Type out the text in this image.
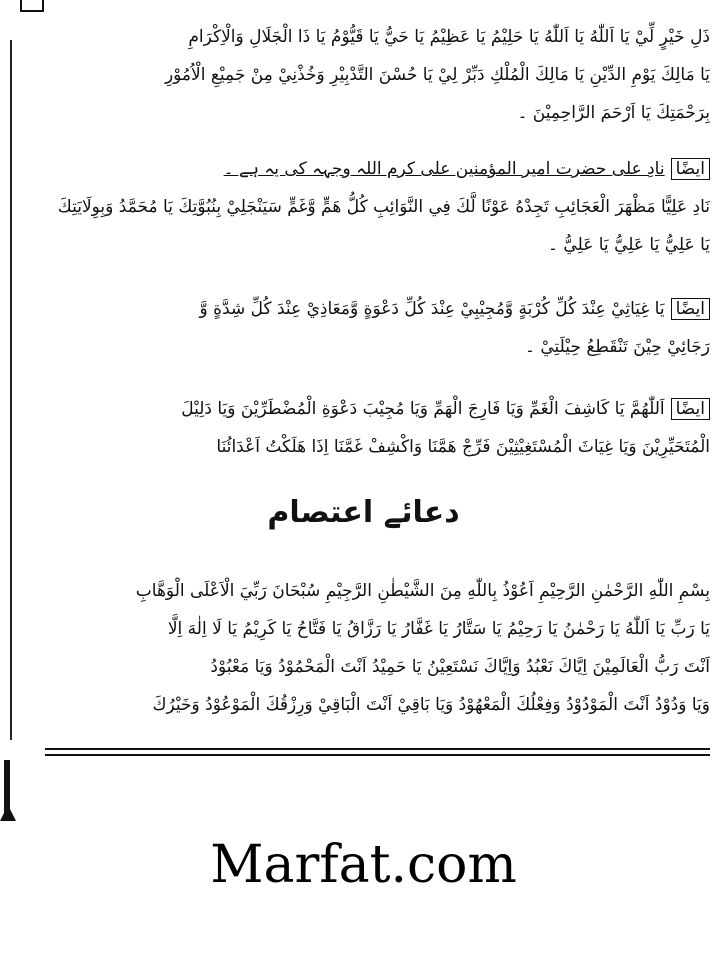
ذَلِ خَيْرٍ لِّيْ يَا اَللّٰهُ يَا اَللّٰهُ يَا حَلِيْمُ يَا عَظِيْمُ يَا حَيُّ يَا قَيُّوْمُ يَا ذَا الْجَلَالِ وَالْاِكْرَامِ
يَا مَالِكَ يَوْمِ الدِّيْنِ يَا مَالِكَ الْمُلْكِ دَبِّرْ لِيْ يَا حُسْنَ التَّدْبِيْرِ وَخُذْنِيْ مِنْ جَمِيْعِ الْاُمُوْرِ
بِرَحْمَتِكَ يَا اَرْحَمَ الرَّاحِمِيْنَ ۔
ایضًانادِ علی حضرت امیر المؤمنین علی کرم اللہ وجہہ کی یہ ہے ۔
نَادِ عَلِيًّا مَظْهَرَ الْعَجَائِبِ تَجِدْهُ عَوْنًا لَّكَ فِي النَّوَائِبِ كُلُّ هَمٍّ وَّغَمٍّ سَيَنْجَلِيْ بِنُبُوَّتِكَ يَا مُحَمَّدُ وَبِوِلَايَتِكَ
يَا عَلِيُّ يَا عَلِيُّ يَا عَلِيُّ ۔
ایضًايَا غِيَاثِيْ عِنْدَ كُلِّ كُرْبَةٍ وَّمُجِيْبِيْ عِنْدَ كُلِّ دَعْوَةٍ وَّمَعَاذِيْ عِنْدَ كُلِّ شِدَّةٍ وَّ
رَجَائِيْ حِيْنَ تَنْقَطِعُ حِيْلَتِيْ ۔
ایضًااَللّٰهُمَّ يَا كَاشِفَ الْغَمِّ وَيَا فَارِجَ الْهَمِّ وَيَا مُجِيْبَ دَعْوَةِ الْمُضْطَرِّيْنَ وَيَا دَلِيْلَ
الْمُتَحَيِّرِيْنَ وَيَا غِيَاثَ الْمُسْتَغِيْثِيْنَ فَرِّجْ هَمَّنَا وَاكْشِفْ غَمَّنَا اِذَا هَلَكْتُ اَعْدَائُنَا
دعائے اعتصام
بِسْمِ اللّٰهِ الرَّحْمٰنِ الرَّحِيْمِ اَعُوْذُ بِاللّٰهِ مِنَ الشَّيْطٰنِ الرَّجِيْمِ سُبْحَانَ رَبِّيَ الْاَعْلَى الْوَهَّابِ
يَا رَبِّ يَا اَللّٰهُ يَا رَحْمٰنُ يَا رَحِيْمُ يَا سَتَّارُ يَا غَفَّارُ يَا رَزَّاقُ يَا فَتَّاحُ يَا كَرِيْمُ يَا لَا اِلٰهَ اِلَّا
اَنْتَ رَبُّ الْعَالَمِيْنَ اِيَّاكَ نَعْبُدُ وَاِيَّاكَ نَسْتَعِيْنُ يَا حَمِيْدُ اَنْتَ الْمَحْمُوْدُ وَيَا مَعْبُوْدُ
وَيَا وَدُوْدُ اَنْتَ الْمَوْدُوْدُ وَفِعْلُكَ الْمَعْهُوْدُ وَيَا بَاقِيْ اَنْتَ الْبَاقِيْ وَرِزْقُكَ الْمَوْعُوْدُ وَخَيْرُكَ
Marfat.com
